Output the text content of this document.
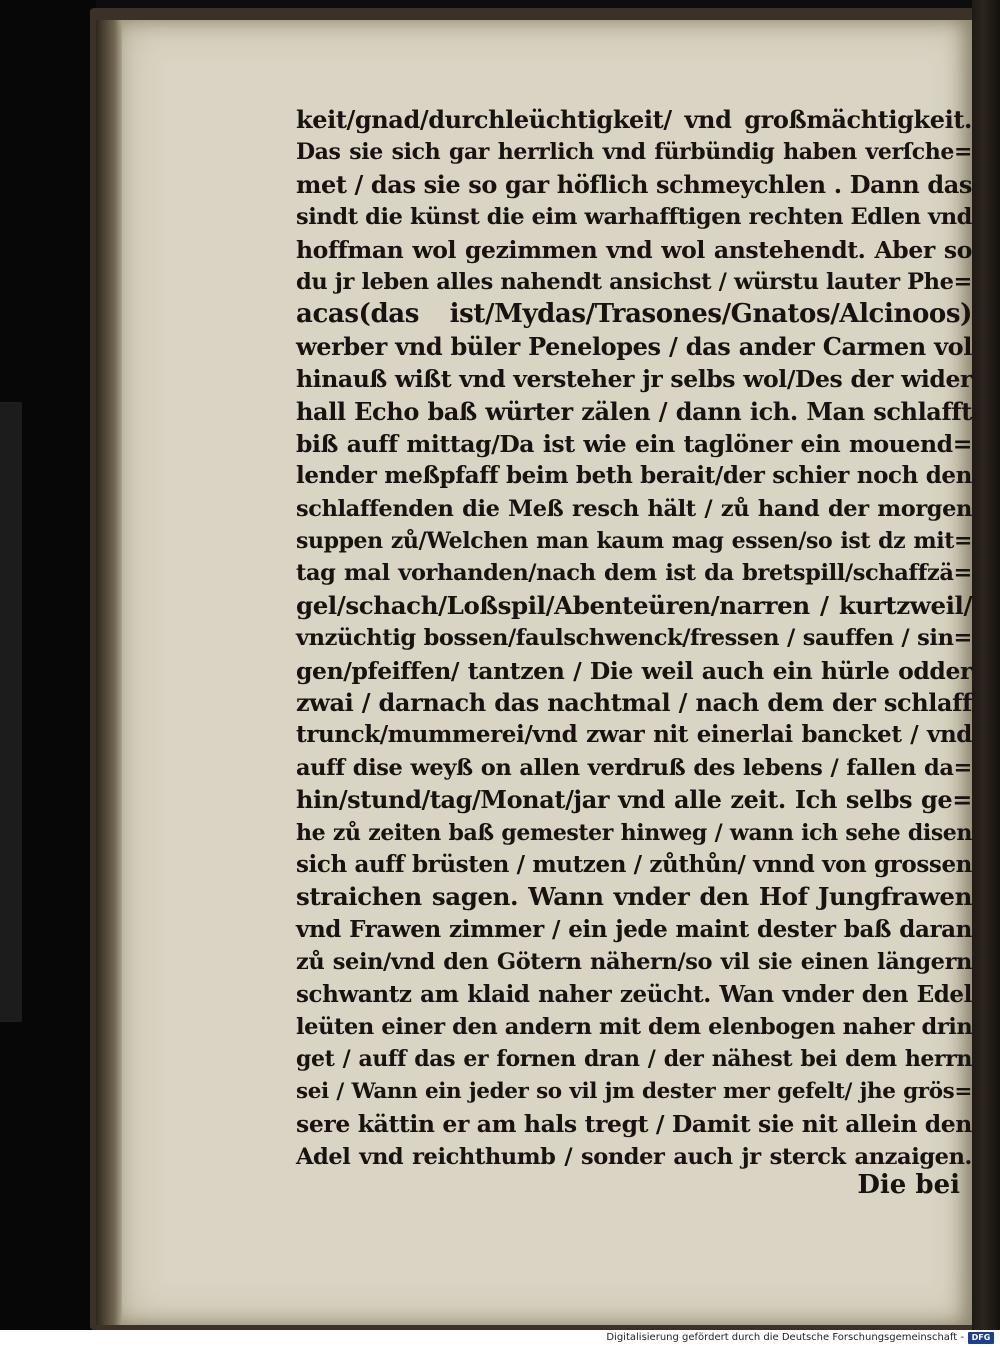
keit/gnad/durchleüchtigkeit/ vnd großmächtigkeit.
Das sie sich gar herrlich vnd fürbündig haben verſche=
met / das sie so gar höflich schmeychlen . Dann das
sindt die künst die eim warhafftigen rechten Edlen vnd
hoffman wol gezimmen vnd wol anstehendt. Aber so
du jr leben alles nahendt ansichst / würstu lauter Phe=
acas(das ist/Mydas/Trasones/Gnatos/Alcinoos)
werber vnd büler Penelopes / das ander Carmen vol
hinauß wißt vnd versteher jr selbs wol/Des der wider
hall Echo baß würter zälen / dann ich. Man schlafft
biß auff mittag/Da ist wie ein taglöner ein mouend=
lender meßpfaff beim beth berait/der schier noch den
schlaffenden die Meß resch hält / zů hand der morgen
suppen zů/Welchen man kaum mag essen/so ist dz mit=
tag mal vorhanden/nach dem ist da bretspill/schaffzä=
gel/schach/Loßspil/Abenteüren/narren / kurtzweil/
vnzüchtig bossen/faulschwenck/fressen / sauffen / sin=
gen/pfeiffen/ tantzen / Die weil auch ein hürle odder
zwai / darnach das nachtmal / nach dem der schlaff
trunck/mummerei/vnd zwar nit einerlai bancket / vnd
auff dise weyß on allen verdruß des lebens / fallen da=
hin/stund/tag/Monat/jar vnd alle zeit. Ich selbs ge=
he zů zeiten baß gemester hinweg / wann ich sehe disen
sich auff brüsten / mutzen / zůthůn/ vnnd von grossen
straichen sagen. Wann vnder den Hof Jungfrawen
vnd Frawen zimmer / ein jede maint dester baß daran
zů sein/vnd den Götern nähern/so vil sie einen längern
schwantz am klaid naher zeücht. Wan vnder den Edel
leüten einer den andern mit dem elenbogen naher drin
get / auff das er fornen dran / der nähest bei dem herrn
sei / Wann ein jeder so vil jm dester mer gefelt/ jhe grös=
sere kättin er am hals tregt / Damit sie nit allein den
Adel vnd reichthumb / sonder auch jr sterck anzaigen.
Die bei
Digitalisierung gefördert durch die Deutsche Forschungsgemeinschaft - DFG
